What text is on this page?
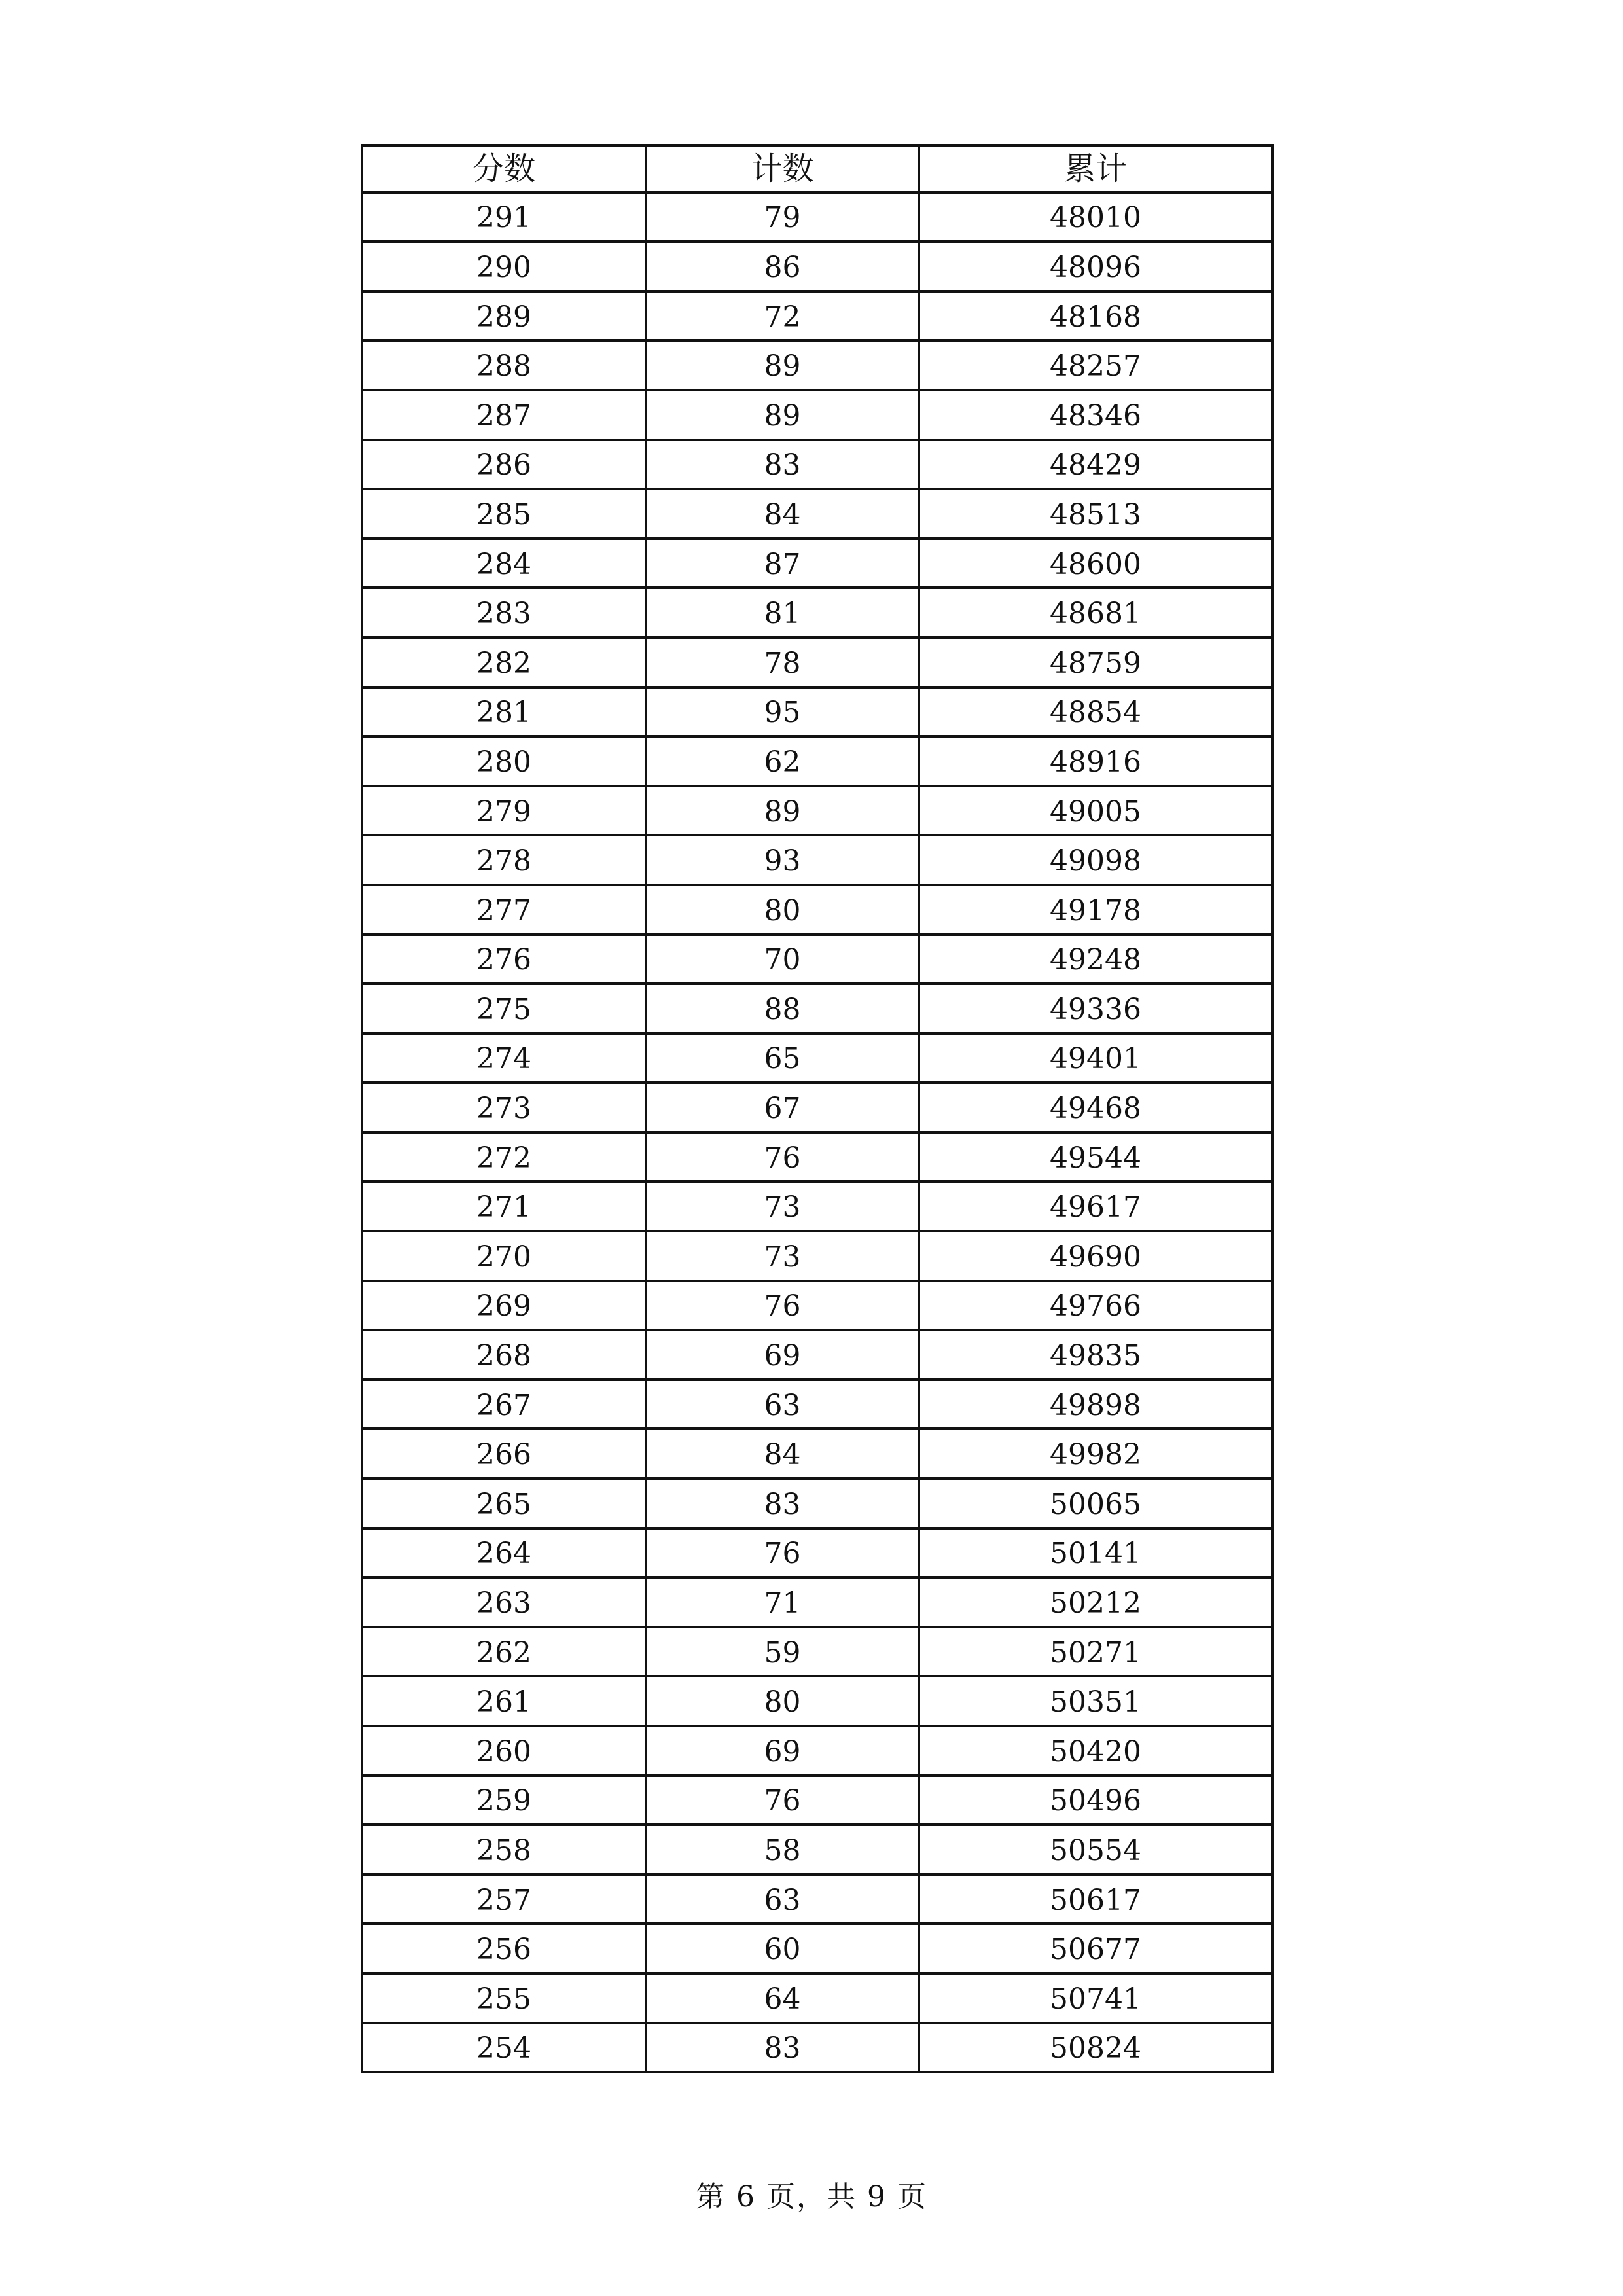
分数	计数	累计
291	79	48010
290	86	48096
289	72	48168
288	89	48257
287	89	48346
286	83	48429
285	84	48513
284	87	48600
283	81	48681
282	78	48759
281	95	48854
280	62	48916
279	89	49005
278	93	49098
277	80	49178
276	70	49248
275	88	49336
274	65	49401
273	67	49468
272	76	49544
271	73	49617
270	73	49690
269	76	49766
268	69	49835
267	63	49898
266	84	49982
265	83	50065
264	76	50141
263	71	50212
262	59	50271
261	80	50351
260	69	50420
259	76	50496
258	58	50554
257	63	50617
256	60	50677
255	64	50741
254	83	50824
第 6 页，共 9 页
